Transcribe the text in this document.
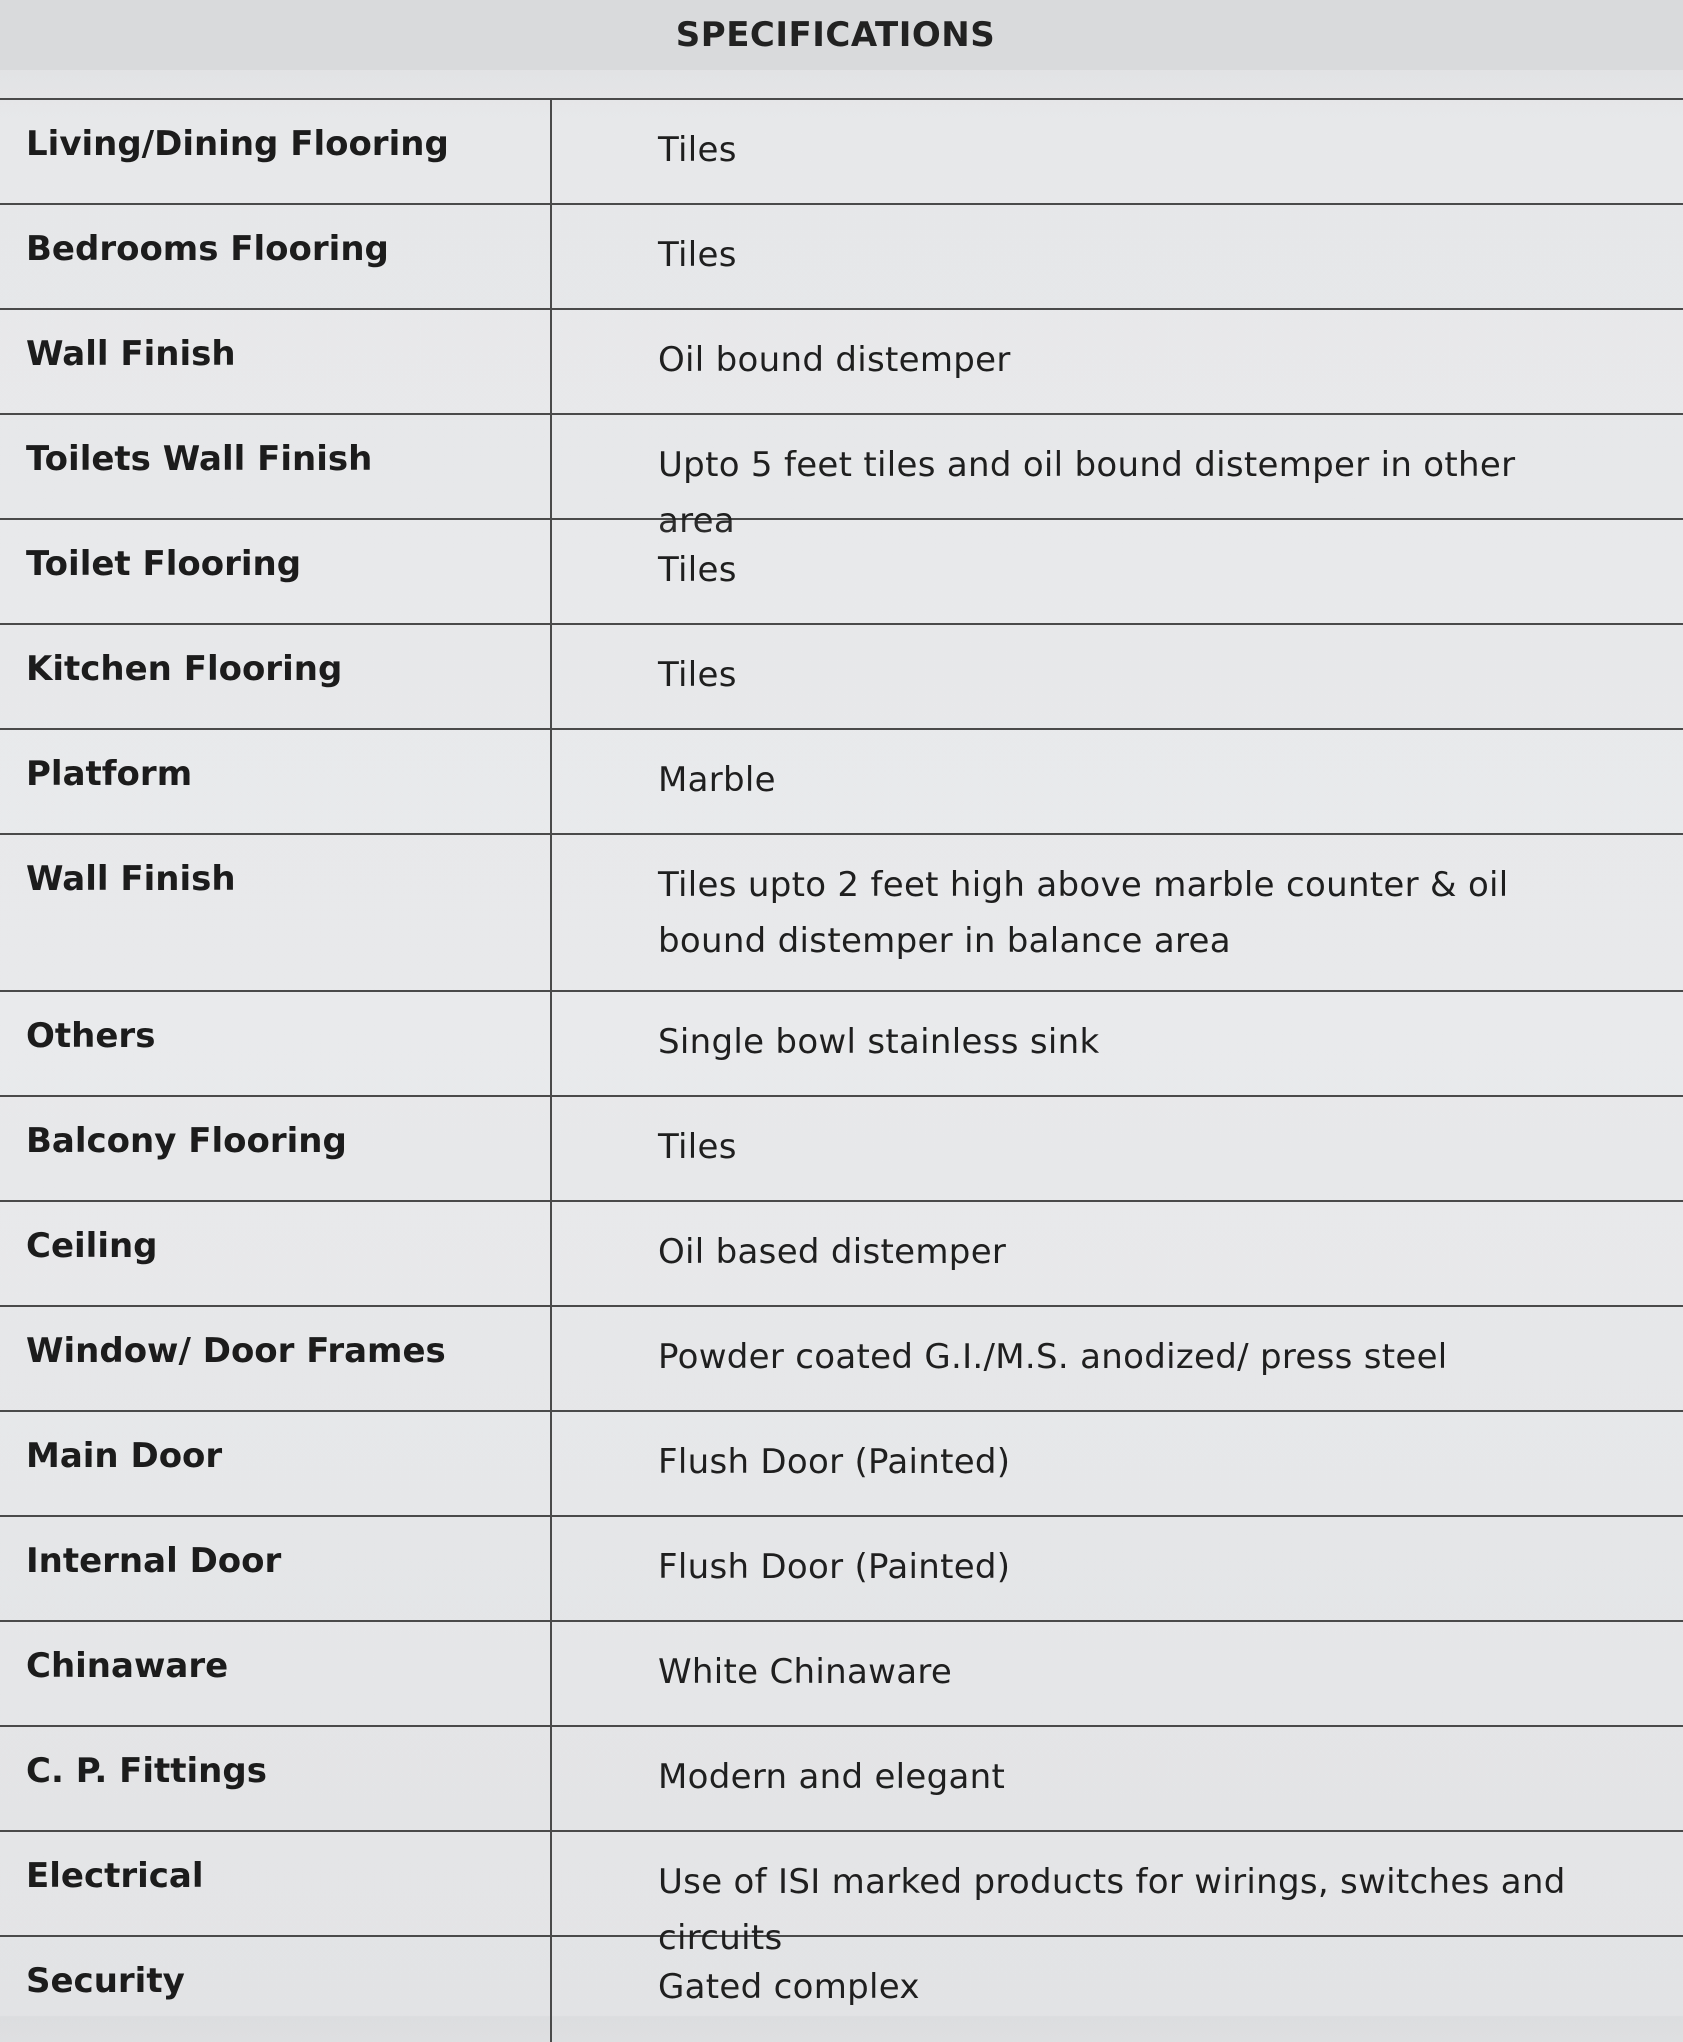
SPECIFICATIONS
Living/Dining Flooring	Tiles
Bedrooms Flooring	Tiles
Wall Finish	Oil bound distemper
Toilets Wall Finish	Upto 5 feet tiles and oil bound distemper in other area
Toilet Flooring	Tiles
Kitchen Flooring	Tiles
Platform	Marble
Wall Finish	Tiles upto 2 feet high above marble counter & oil bound distemper in balance area
Others	Single bowl stainless sink
Balcony Flooring	Tiles
Ceiling	Oil based distemper
Window/ Door Frames	Powder coated G.I./M.S. anodized/ press steel
Main Door	Flush Door (Painted)
Internal Door	Flush Door (Painted)
Chinaware	White Chinaware
C. P. Fittings	Modern and elegant
Electrical	Use of ISI marked products for wirings, switches and circuits
Security	Gated complex
